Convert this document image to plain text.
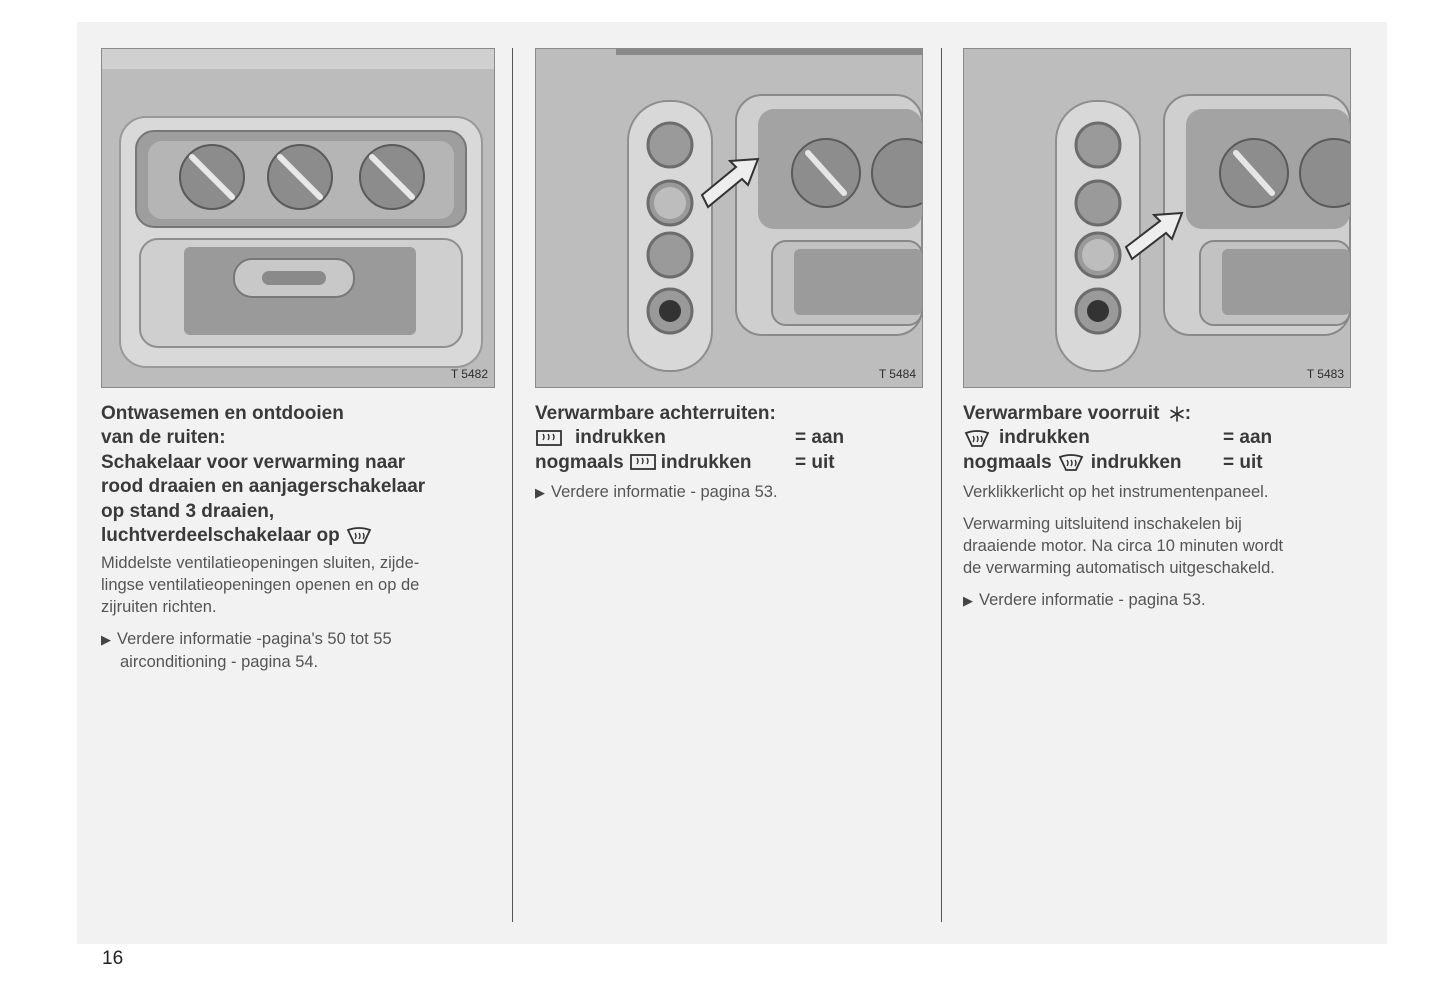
T 5482	T 5484	T 5483
Ontwasemen en ontdooien
van de ruiten:
Schakelaar voor verwarming naar
rood draaien en aanjagerschakelaar
op stand 3 draaien,
luchtverdeelschakelaar op
Middelste ventilatieopeningen sluiten, zijde-
lingse ventilatieopeningen openen en op de
zijruiten richten.
▶ Verdere informatie -pagina's 50 tot 55
airconditioning - pagina 54.
Verwarmbare achterruiten:
indrukken	= aan
nogmaals indrukken = uit
▶ Verdere informatie - pagina 53.
Verwarmbare voorruit :
indrukken	= aan
nogmaals indrukken = uit
Verklikkerlicht op het instrumentenpaneel.
Verwarming uitsluitend inschakelen bij
draaiende motor. Na circa 10 minuten wordt
de verwarming automatisch uitgeschakeld.
▶ Verdere informatie - pagina 53.
16
